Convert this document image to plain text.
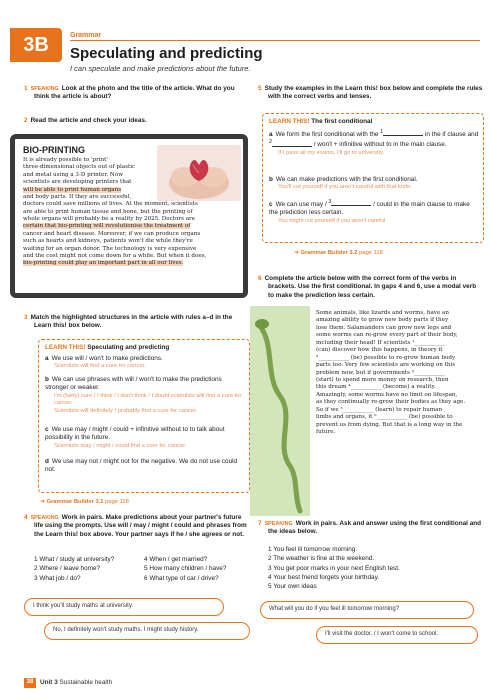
3B	Grammar
Speculating and predicting
I can speculate and make predictions about the future.
1 SPEAKING Look at the photo and the title of the article. What do you think the article is about?
2 Read the article and check your ideas.
BIO-PRINTING
It is already possible to 'print'
three-dimensional objects out of plastic
and metal using a 3-D printer. Now
scientists are developing printers that
will be able to print human organs
and body parts. If they are successful,
doctors could save millions of lives. At the moment, scientists
are able to print human tissue and bone, but the printing of
whole organs will probably be a reality by 2025. Doctors are
certain that bio-printing will revolutionise the treatment of
cancer and heart disease. Moreover, if we can produce organs
such as hearts and kidneys, patients won't die while they're
waiting for an organ donor. The technology is very expensive
and the cost might not come down for a while. But when it does,
bio-printing could play an important part in all our lives.
3 Match the highlighted structures in the article with rules a–d in the Learn this! box below.
LEARN THIS! Speculating and predicting
a We use will / won't to make predictions.
Scientists will find a cure for cancer.
b We can use phrases with will / won't to make the predictions stronger or weaker.
I'm (fairly) sure / I think / I don't think / I doubt scientists will find a cure for cancer.
Scientists will definitely / probably find a cure for cancer.
c We use may / might / could + infinitive without to to talk about possibility in the future.
Scientists may / might / could find a cure for cancer.
d We use may not / might not for the negative. We do not use could not.
➜ Grammar Builder 3.1 page 118
4 SPEAKING Work in pairs. Make predictions about your partner's future life using the prompts. Use will / may / might / could and phrases from the Learn this! box above. Your partner says if he / she agrees or not.
1 What / study at university?	4 When / get married?
2 Where / leave home?	5 How many children / have?
3 What job / do?	6 What type of car / drive?
I think you'll study maths at university.
No, I definitely won't study maths. I might study history.
5 Study the examples in the Learn this! box below and complete the rules with the correct verbs and tenses.
LEARN THIS! The first conditional
a We form the first conditional with the $^1$	in the if clause and $^2$	/ won't + infinitive without to in the main clause.
If I pass all my exams, I'll go to university.
b We can make predictions with the first conditional.
You'll cut yourself if you aren't careful with that knife.
c We can use may / $^3$	/ could in the main clause to make the prediction less certain.
You might cut yourself if you aren't careful.
➜ Grammar Builder 3.2 page 118
6 Complete the article below with the correct form of the verbs in brackets. Use the first conditional. In gaps 4 and 6, use a modal verb to make the prediction less certain.
Some animals, like lizards and worms, have an
amazing ability to grow new body parts if they
lose them. Salamanders can grow new legs and
some worms can re-grow every part of their body,
including their head! If scientists ¹___________
(can) discover how this happens, in theory it
²___________ (be) possible to re-grow human body
parts too. Very few scientists are working on this
problem now, but if governments ³___________
(start) to spend more money on research, then
this dream ⁴___________ (become) a reality.
Amazingly, some worms have no limit on lifespan,
as they continually re-grow their bodies as they age.
So if we ⁵___________ (learn) to repair human
limbs and organs, it ⁶___________ (be) possible to
prevent us from dying. But that is a long way in the
future.
7 SPEAKING Work in pairs. Ask and answer using the first conditional and the ideas below.
1 You feel ill tomorrow morning.
2 The weather is fine at the weekend.
3 You get poor marks in your next English test.
4 Your best friend forgets your birthday.
5 Your own ideas
What will you do if you feel ill tomorrow morning?
I'll visit the doctor. / I won't come to school.
38	Unit 3 Sustainable health
